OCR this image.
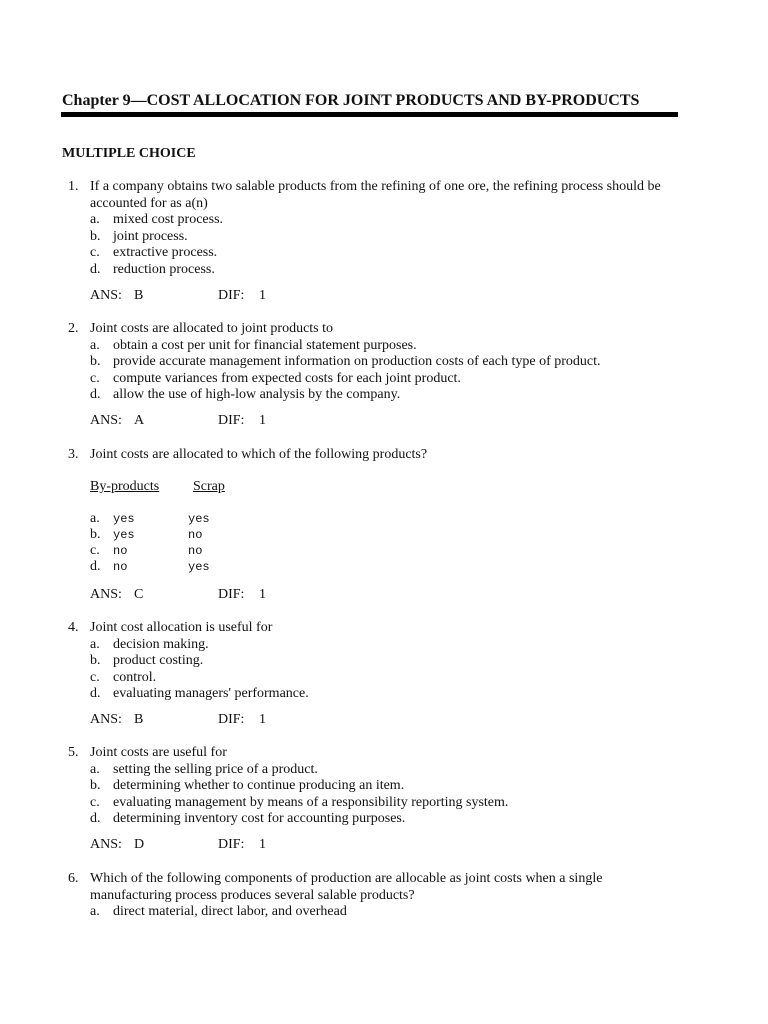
Chapter 9—COST ALLOCATION FOR JOINT PRODUCTS AND BY-PRODUCTS
MULTIPLE CHOICE
1. If a company obtains two salable products from the refining of one ore, the refining process should be accounted for as a(n)
a. mixed cost process.
b. joint process.
c. extractive process.
d. reduction process.
ANS: B	DIF: 1
2. Joint costs are allocated to joint products to
a. obtain a cost per unit for financial statement purposes.
b. provide accurate management information on production costs of each type of product.
c. compute variances from expected costs for each joint product.
d. allow the use of high-low analysis by the company.
ANS: A	DIF: 1
3. Joint costs are allocated to which of the following products?
By-products Scrap
a. yes	yes
b. yes	no
c. no	no
d. no	yes
ANS: C	DIF: 1
4. Joint cost allocation is useful for
a. decision making.
b. product costing.
c. control.
d. evaluating managers' performance.
ANS: B	DIF: 1
5. Joint costs are useful for
a. setting the selling price of a product.
b. determining whether to continue producing an item.
c. evaluating management by means of a responsibility reporting system.
d. determining inventory cost for accounting purposes.
ANS: D	DIF: 1
6. Which of the following components of production are allocable as joint costs when a single manufacturing process produces several salable products?
a. direct material, direct labor, and overhead
